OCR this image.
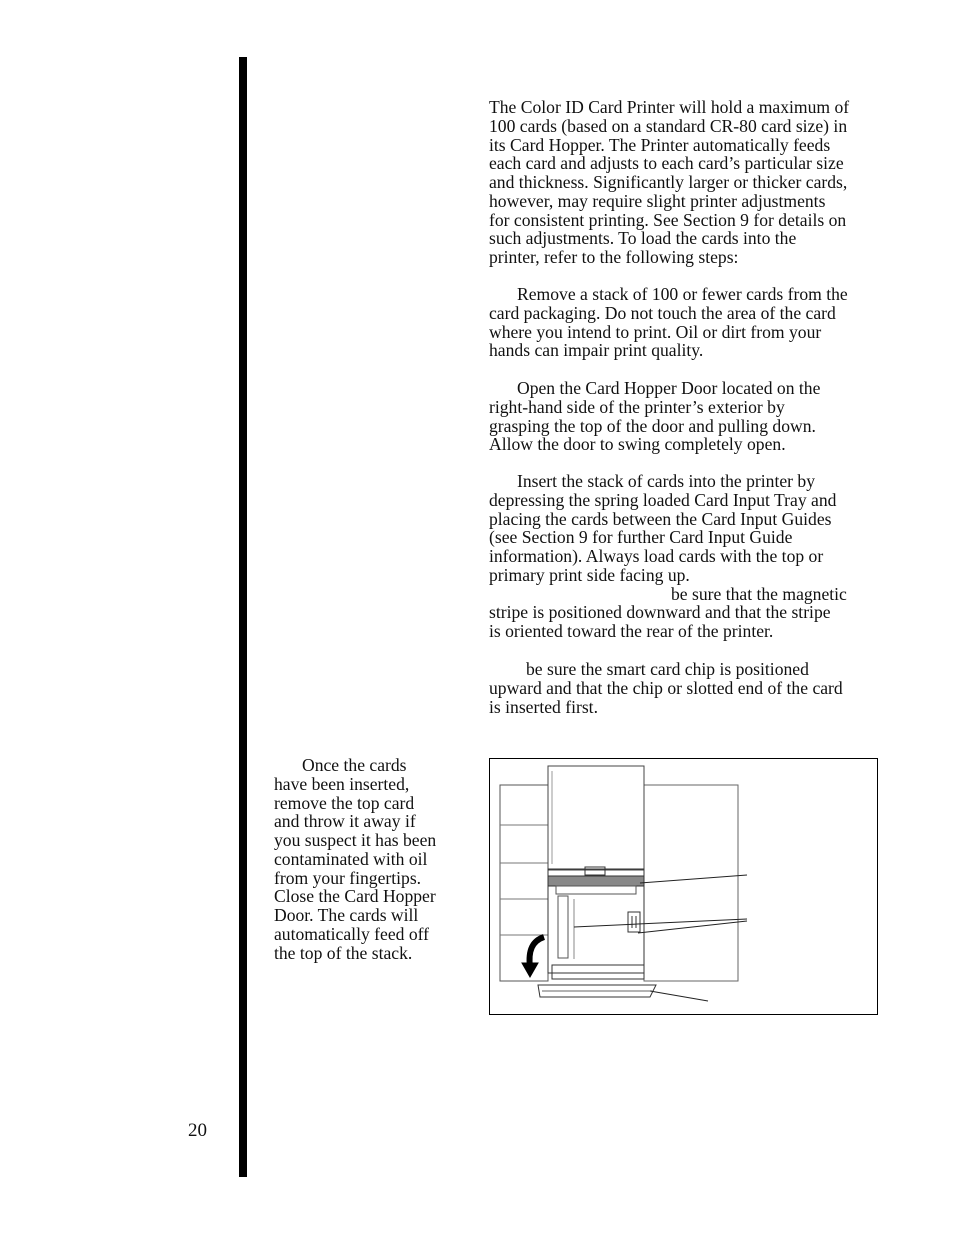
The Color ID Card Printer will hold a maximum of
100 cards (based on a standard CR-80 card size) in
its Card Hopper. The Printer automatically feeds
each card and adjusts to each card’s particular size
and thickness. Significantly larger or thicker cards,
however, may require slight printer adjustments
for consistent printing. See Section 9 for details on
such adjustments. To load the cards into the
printer, refer to the following steps:

Remove a stack of 100 or fewer cards from the
card packaging. Do not touch the area of the card
where you intend to print. Oil or dirt from your
hands can impair print quality.

Open the Card Hopper Door located on the
right-hand side of the printer’s exterior by
grasping the top of the door and pulling down.
Allow the door to swing completely open.

Insert the stack of cards into the printer by
depressing the spring loaded Card Input Tray and
placing the cards between the Card Input Guides
(see Section 9 for further Card Input Guide
information). Always load cards with the top or
primary print side facing up.
be sure that the magnetic
stripe is positioned downward and that the stripe
is oriented toward the rear of the printer.

be sure the smart card chip is positioned
upward and that the chip or slotted end of the card
is inserted first.

Once the cards
have been inserted,
remove the top card
and throw it away if
you suspect it has been
contaminated with oil
from your fingertips.
Close the Card Hopper
Door. The cards will
automatically feed off
the top of the stack.

20
